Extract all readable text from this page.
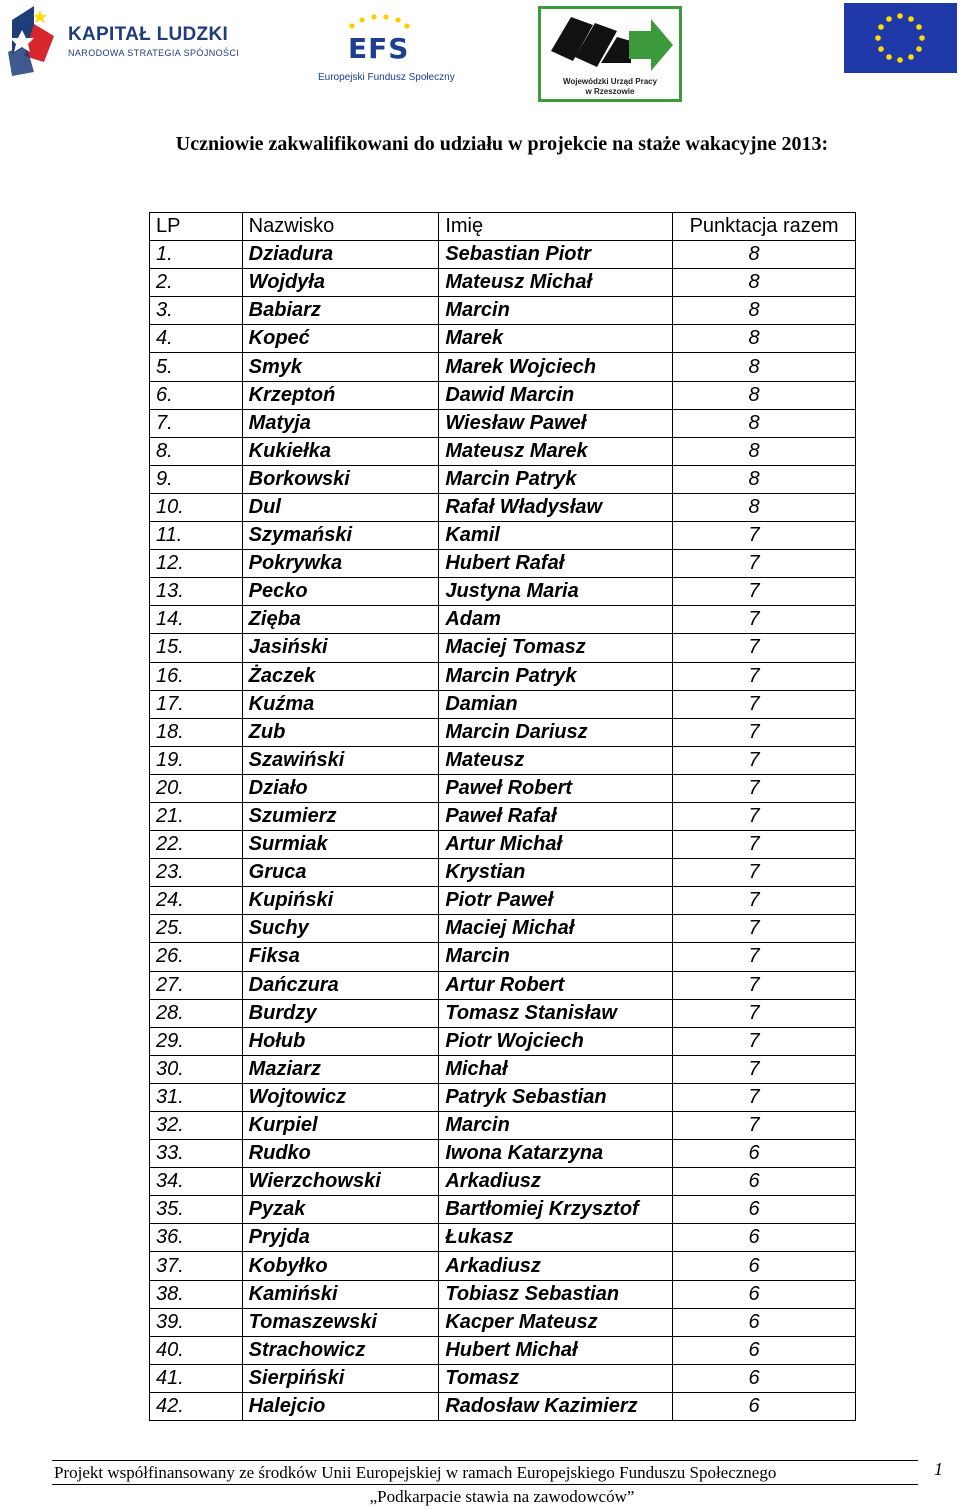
KAPITAŁ LUDZKI
NARODOWA STRATEGIA SPÓJNOŚCI	EFS
Europejski Fundusz Społeczny	Wojewódzki Urząd Pracy
w Rzeszowie
Uczniowie zakwalifikowani do udziału w projekcie na staże wakacyjne 2013:
LP	Nazwisko	Imię	Punktacja razem
1.	Dziadura	Sebastian Piotr	8
2.	Wojdyła	Mateusz Michał	8
3.	Babiarz	Marcin	8
4.	Kopeć	Marek	8
5.	Smyk	Marek Wojciech	8
6.	Krzeptoń	Dawid Marcin	8
7.	Matyja	Wiesław Paweł	8
8.	Kukiełka	Mateusz Marek	8
9.	Borkowski	Marcin Patryk	8
10.	Dul	Rafał Władysław	8
11.	Szymański	Kamil	7
12.	Pokrywka	Hubert Rafał	7
13.	Pecko	Justyna Maria	7
14.	Zięba	Adam	7
15.	Jasiński	Maciej Tomasz	7
16.	Żaczek	Marcin Patryk	7
17.	Kuźma	Damian	7
18.	Zub	Marcin Dariusz	7
19.	Szawiński	Mateusz	7
20.	Działo	Paweł Robert	7
21.	Szumierz	Paweł Rafał	7
22.	Surmiak	Artur Michał	7
23.	Gruca	Krystian	7
24.	Kupiński	Piotr Paweł	7
25.	Suchy	Maciej Michał	7
26.	Fiksa	Marcin	7
27.	Dańczura	Artur Robert	7
28.	Burdzy	Tomasz Stanisław	7
29.	Hołub	Piotr Wojciech	7
30.	Maziarz	Michał	7
31.	Wojtowicz	Patryk Sebastian	7
32.	Kurpiel	Marcin	7
33.	Rudko	Iwona Katarzyna	6
34.	Wierzchowski	Arkadiusz	6
35.	Pyzak	Bartłomiej Krzysztof	6
36.	Pryjda	Łukasz	6
37.	Kobyłko	Arkadiusz	6
38.	Kamiński	Tobiasz Sebastian	6
39.	Tomaszewski	Kacper Mateusz	6
40.	Strachowicz	Hubert Michał	6
41.	Sierpiński	Tomasz	6
42.	Halejcio	Radosław Kazimierz	6
Projekt współfinansowany ze środków Unii Europejskiej w ramach Europejskiego Funduszu Społecznego	1
„Podkarpacie stawia na zawodowców”
